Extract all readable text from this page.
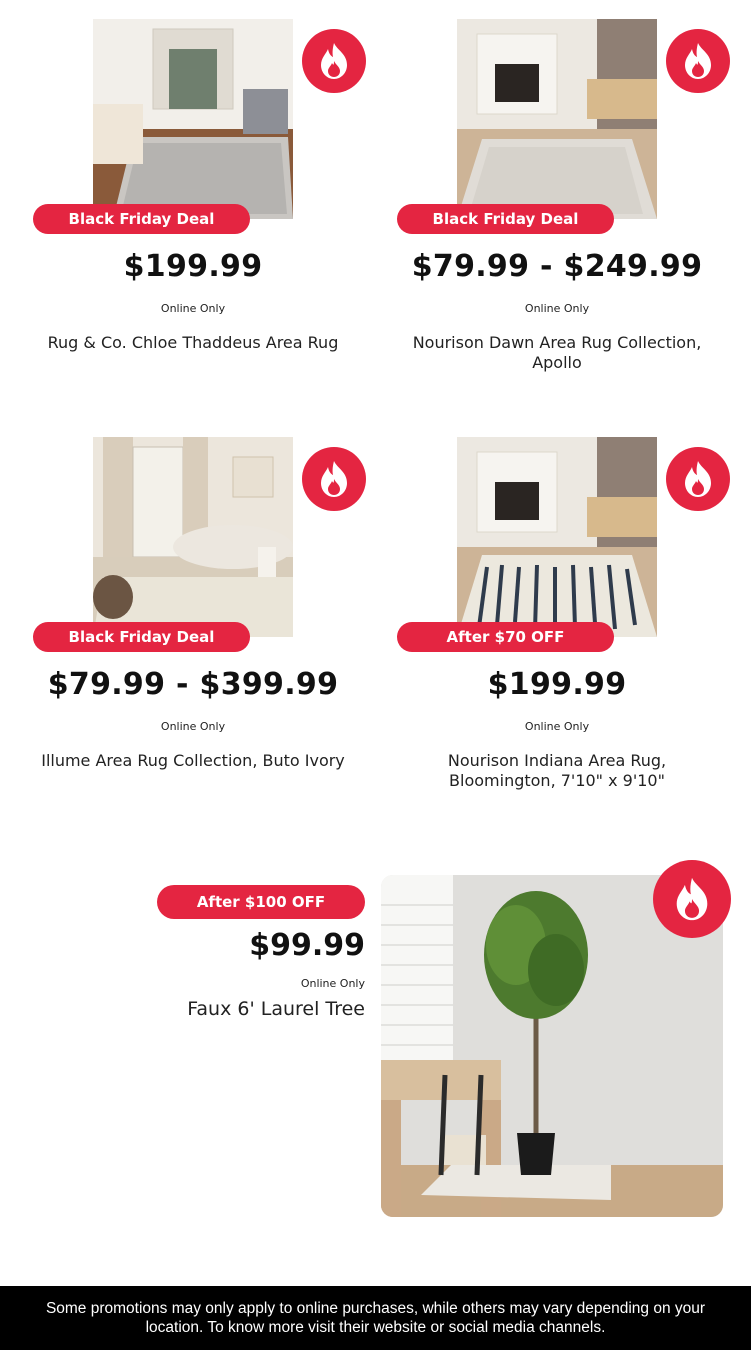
Black Friday Deal
$199.99
Online Only
Rug & Co. Chloe Thaddeus Area Rug
Black Friday Deal
$79.99 - $249.99
Online Only
Nourison Dawn Area Rug Collection, Apollo
Black Friday Deal
$79.99 - $399.99
Online Only
Illume Area Rug Collection, Buto Ivory
After $70 OFF
$199.99
Online Only
Nourison Indiana Area Rug, Bloomington, 7'10" x 9'10"
After $100 OFF
$99.99
Online Only
Faux 6' Laurel Tree
Some promotions may only apply to online purchases, while others may vary depending on your location. To know more visit their website or social media channels.
